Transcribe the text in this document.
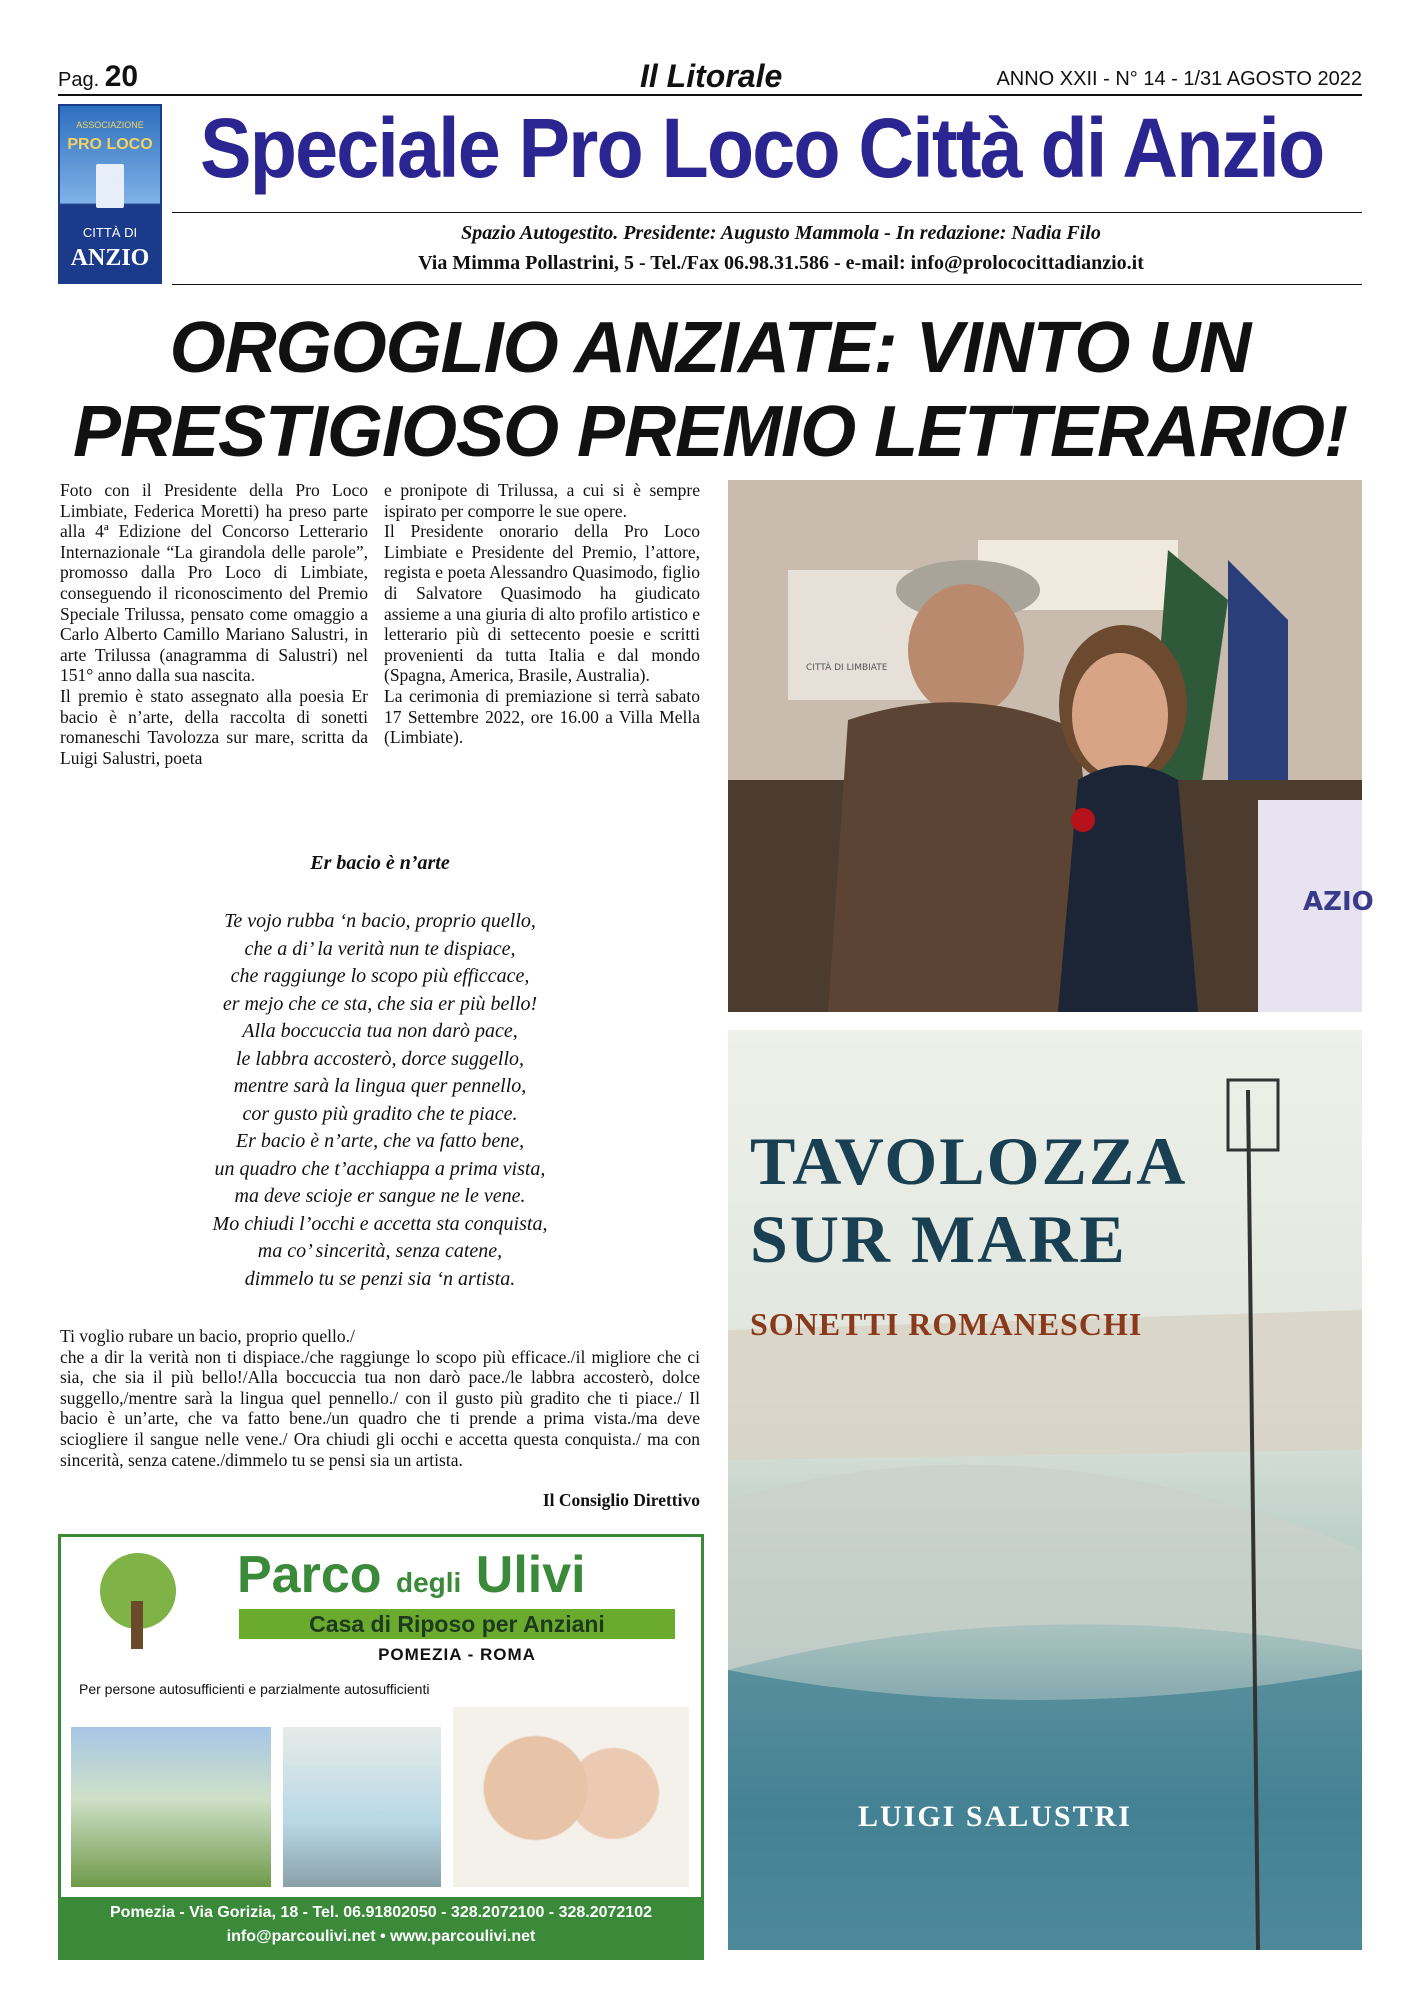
Pag. 20	Il Litorale	ANNO XXII - N° 14 - 1/31 AGOSTO 2022
ASSOCIAZIONE
PRO LOCO
CITTÀ DI
ANZIO
Speciale Pro Loco Città di Anzio
Spazio Autogestito. Presidente: Augusto Mammola - In redazione: Nadia Filo
Via Mimma Pollastrini, 5 - Tel./Fax 06.98.31.586 - e-mail: info@prolococittadianzio.it
ORGOGLIO ANZIATE: VINTO UN
PRESTIGIOSO PREMIO LETTERARIO!

Foto con il Presidente della Pro Loco Limbiate, Federica Moretti) ha preso parte alla 4ª Edizione del Concorso Letterario Internazionale “La girandola delle parole”, promosso dalla Pro Loco di Limbiate, conseguendo il riconoscimento del Premio Speciale Trilussa, pensato come omaggio a Carlo Alberto Camillo Mariano Salustri, in arte Trilussa (anagramma di Salustri) nel 151° anno dalla sua nascita.

Il premio è stato assegnato alla poesia Er bacio è n’arte, della raccolta di sonetti romaneschi Tavolozza sur mare, scritta da Luigi Salustri, poeta

e pronipote di Trilussa, a cui si è sempre ispirato per comporre le sue opere.

Il Presidente onorario della Pro Loco Limbiate e Presidente del Premio, l’attore, regista e poeta Alessandro Quasimodo, figlio di Salvatore Quasimodo ha giudicato assieme a una giuria di alto profilo artistico e letterario più di settecento poesie e scritti provenienti da tutta Italia e dal mondo (Spagna, America, Brasile, Australia).

La cerimonia di premiazione si terrà sabato 17 Settembre 2022, ore 16.00 a Villa Mella (Limbiate).

Er bacio è n’arte
Te vojo rubba ‘n bacio, proprio quello,
che a di’ la verità nun te dispiace,
che raggiunge lo scopo più efficcace,
er mejo che ce sta, che sia er più bello!
Alla boccuccia tua non darò pace,
le labbra accosterò, dorce suggello,
mentre sarà la lingua quer pennello,
cor gusto più gradito che te piace.
Er bacio è n’arte, che va fatto bene,
un quadro che t’acchiappa a prima vista,
ma deve scioje er sangue ne le vene.
Mo chiudi l’occhi e accetta sta conquista,
ma co’ sincerità, senza catene,
dimmelo tu se penzi sia ‘n artista.

Ti voglio rubare un bacio, proprio quello./

che a dir la verità non ti dispiace./che raggiunge lo scopo più efficace./il migliore che ci sia, che sia il più bello!/Alla boccuccia tua non darò pace./le labbra accosterò, dolce suggello,/mentre sarà la lingua quel pennello./ con il gusto più gradito che ti piace./ Il bacio è un’arte, che va fatto bene./un quadro che ti prende a prima vista./ma deve sciogliere il sangue nelle vene./ Ora chiudi gli occhi e accetta questa conquista./ ma con sincerità, senza catene./dimmelo tu se pensi sia un artista.

Il Consiglio Direttivo
CITTÀ DI LIMBIATE
AZIO
TAVOLOZZA
SUR MARE
SONETTI ROMANESCHI
LUIGI SALUSTRI
Parco degli Ulivi
Casa di Riposo per Anziani
POMEZIA - ROMA
Per persone autosufficienti e parzialmente autosufficienti
Pomezia - Via Gorizia, 18 - Tel. 06.91802050 - 328.2072100 - 328.2072102
info@parcoulivi.net • www.parcoulivi.net
